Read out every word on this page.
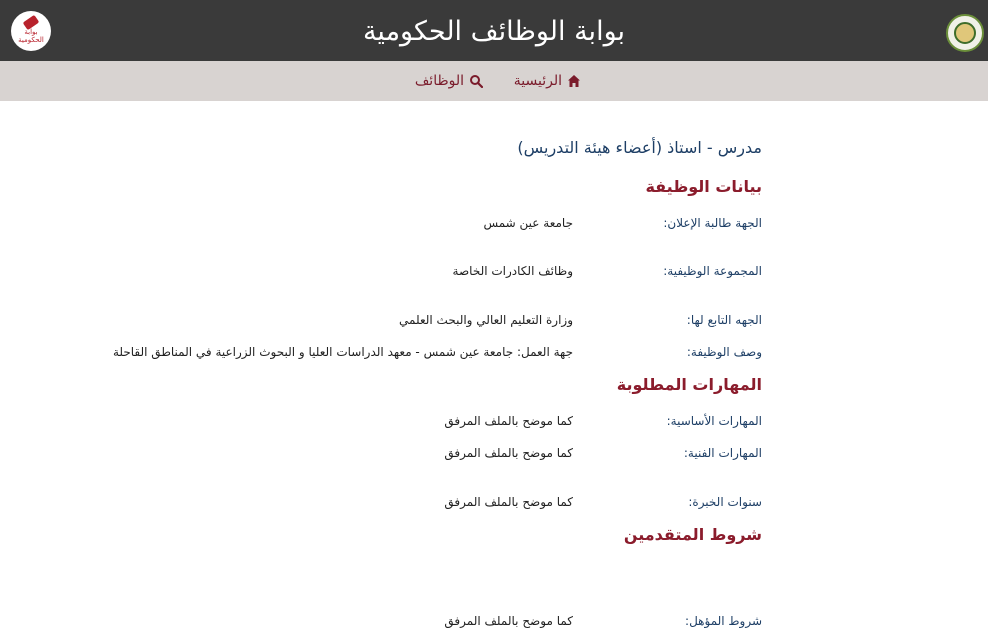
بوابة الحكومية	بوابة الوظائف الحكومية
الرئيسية
الوظائف
مدرس - استاذ (أعضاء هيئة التدريس)
بيانات الوظيفة
الجهة طالبة الإعلان:
جامعة عين شمس
المجموعة الوظيفية:
وظائف الكادرات الخاصة
الجهه التابع لها:
وزارة التعليم العالي والبحث العلمي
وصف الوظيفة:
جهة العمل: جامعة عين شمس - معهد الدراسات العليا و البحوث الزراعية في المناطق القاحلة
المهارات المطلوبة
المهارات الأساسية:
كما موضح بالملف المرفق
المهارات الفنية:
كما موضح بالملف المرفق
سنوات الخبرة:
كما موضح بالملف المرفق
شروط المتقدمين
شروط المؤهل:
كما موضح بالملف المرفق
